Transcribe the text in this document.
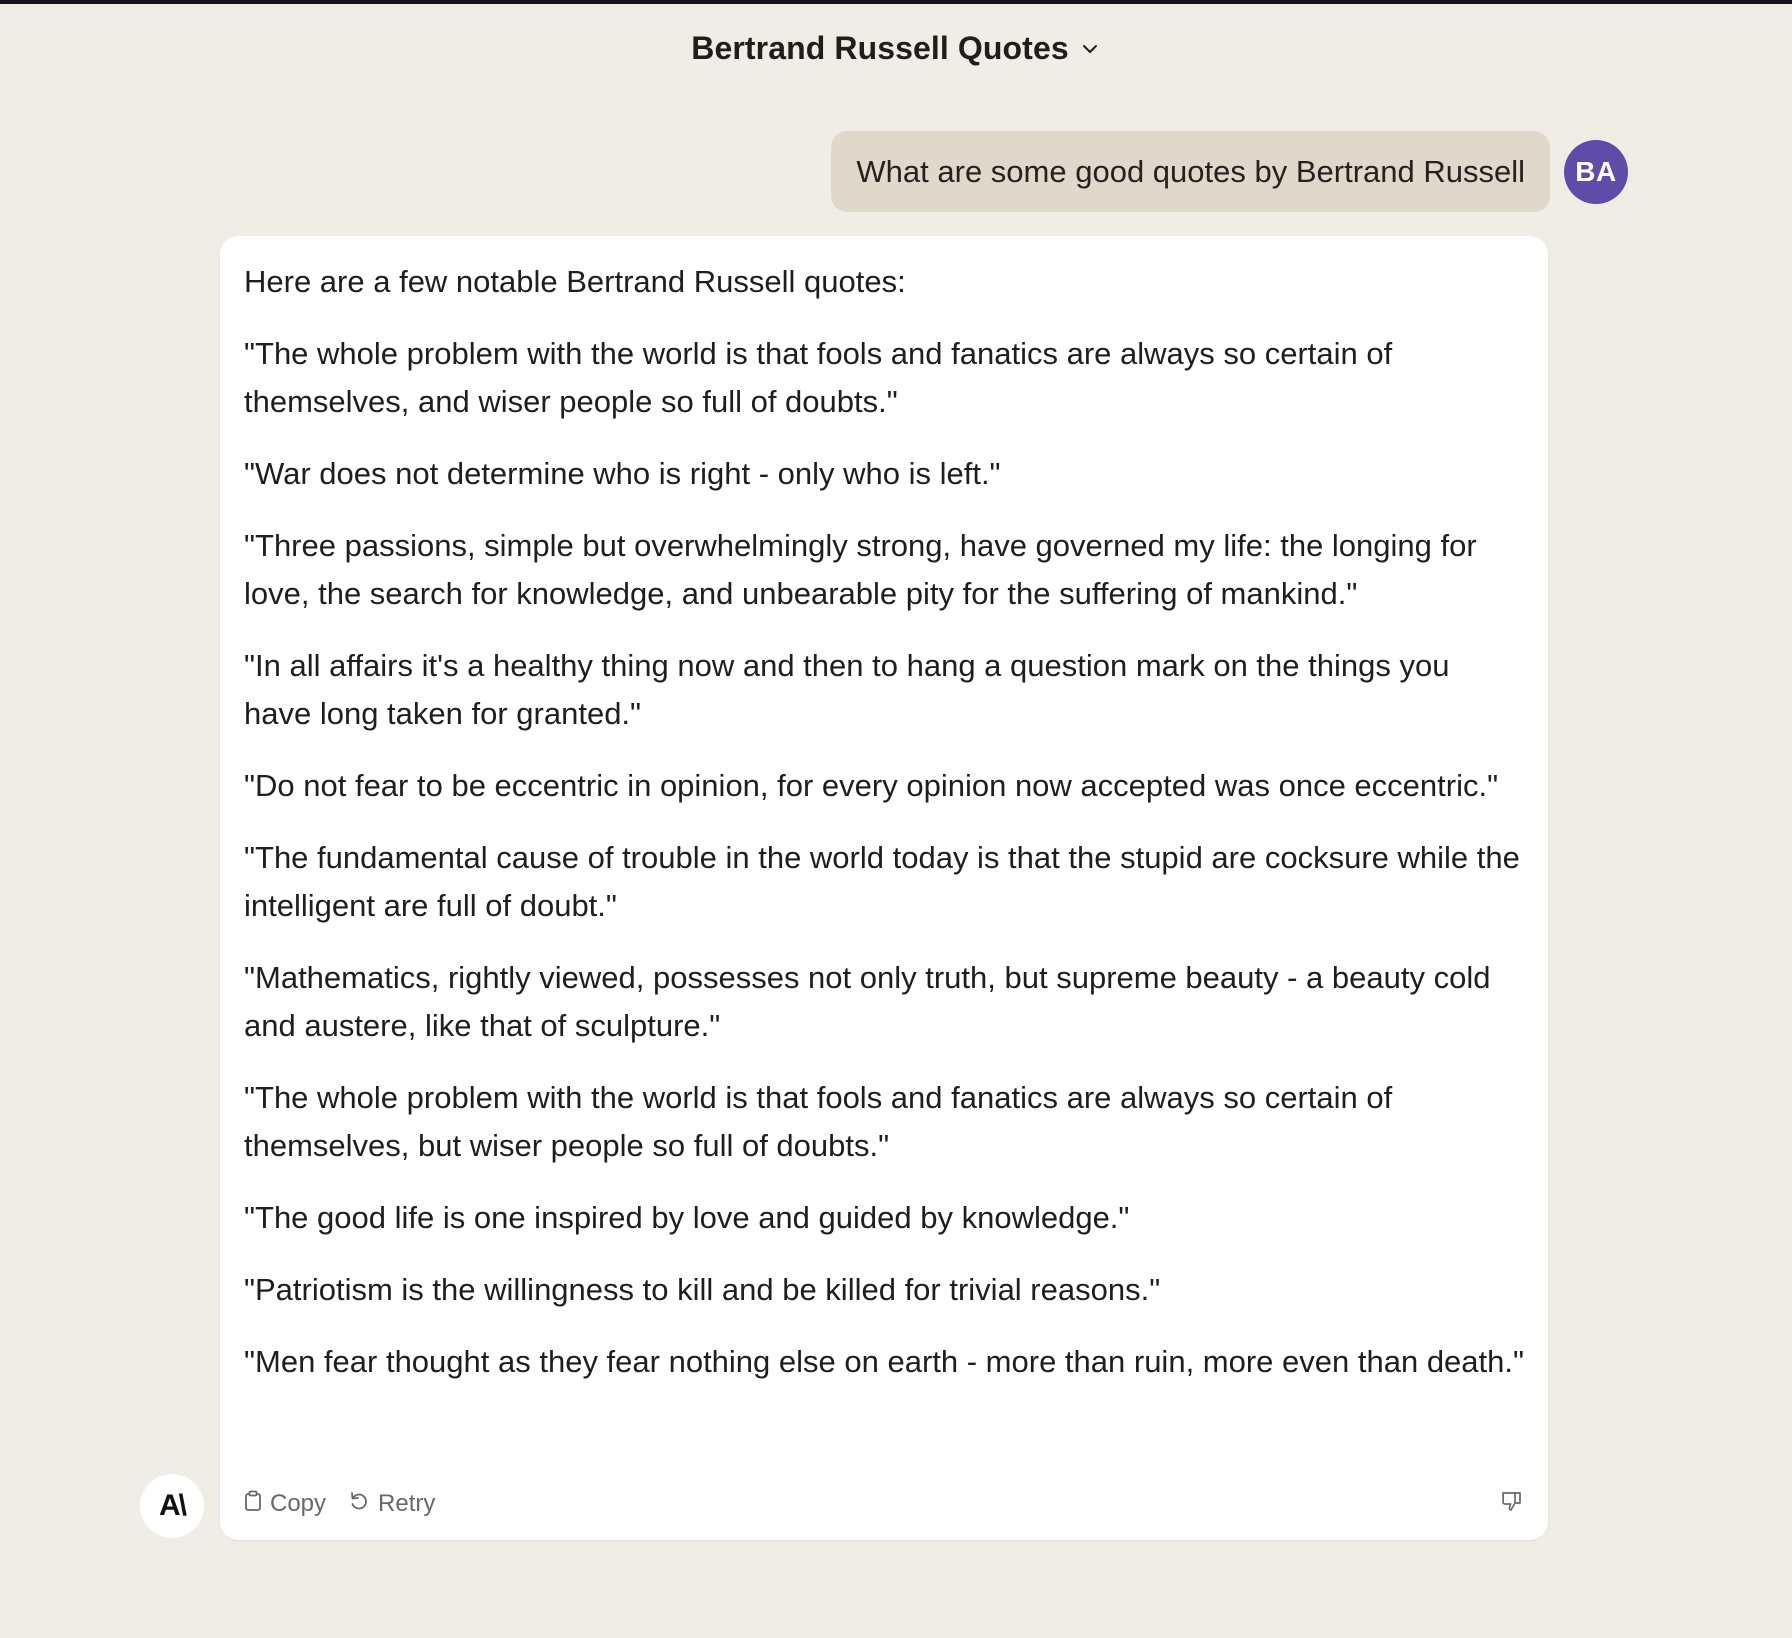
Bertrand Russell Quotes
What are some good quotes by Bertrand Russell	BA

Here are a few notable Bertrand Russell quotes:

"The whole problem with the world is that fools and fanatics are always so certain of themselves, and wiser people so full of doubts."

"War does not determine who is right - only who is left."

"Three passions, simple but overwhelmingly strong, have governed my life: the longing for love, the search for knowledge, and unbearable pity for the suffering of mankind."

"In all affairs it's a healthy thing now and then to hang a question mark on the things you have long taken for granted."

"Do not fear to be eccentric in opinion, for every opinion now accepted was once eccentric."

"The fundamental cause of trouble in the world today is that the stupid are cocksure while the intelligent are full of doubt."

"Mathematics, rightly viewed, possesses not only truth, but supreme beauty - a beauty cold and austere, like that of sculpture."

"The whole problem with the world is that fools and fanatics are always so certain of themselves, but wiser people so full of doubts."

"The good life is one inspired by love and guided by knowledge."

"Patriotism is the willingness to kill and be killed for trivial reasons."

"Men fear thought as they fear nothing else on earth - more than ruin, more even than death."

Copy Retry
A\
